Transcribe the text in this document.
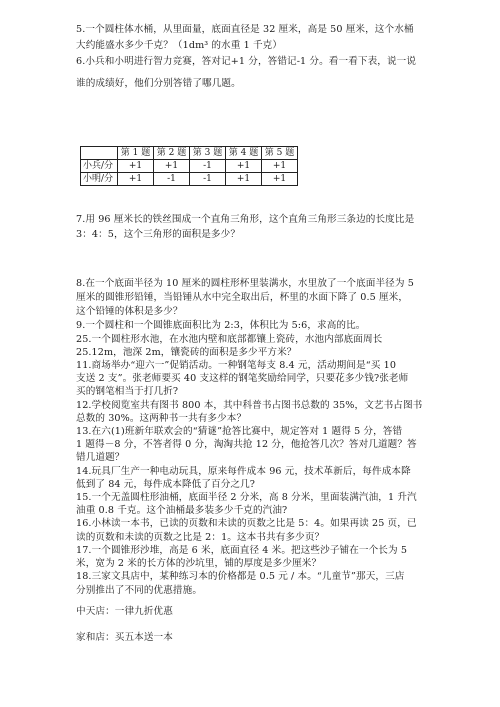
5.一个圆柱体水桶，从里面量，底面直径是 32 厘米，高是 50 厘米，这个水桶
大约能盛水多少千克？（1dm³ 的水重 1 千克）
6.小兵和小明进行智力竞赛，答对记+1 分，答错记-1 分。看一看下表，说一说
谁的成绩好，他们分别答错了哪几题。
	第 1 题	第 2 题	第 3 题	第 4 题	第 5 题
小兵/分	+1	+1	-1	+1	+1
小明/分	+1	-1	-1	+1	+1
7.用 96 厘米长的铁丝围成一个直角三角形，这个直角三角形三条边的长度比是
3：4：5，这个三角形的面积是多少？
8.在一个底面半径为 10 厘米的圆柱形杯里装满水，水里放了一个底面半径为 5
厘米的圆锥形铅锤，当铅锤从水中完全取出后，杯里的水面下降了 0.5 厘米，
这个铅锤的体积是多少？
9.一个圆柱和一个圆锥底面积比为 2:3，体积比为 5:6，求高的比。
25.一个圆柱形水池，在水池内壁和底部都镶上瓷砖，水池内部底面周长
25.12m，池深 2m，镶瓷砖的面积是多少平方米？
11.商场举办“迎六一”促销活动。一种钢笔每支 8.4 元，活动期间是“买 10
支送 2 支”。张老师要买 40 支这样的钢笔奖励给同学，只要花多少钱?张老师
买的钢笔相当于打几折?
12.学校阅览室共有图书 800 本，其中科普书占图书总数的 35%，文艺书占图书
总数的 30%。这两种书一共有多少本？
13.在六(1)班新年联欢会的“猜谜”抢答比赛中，规定答对 1 题得 5 分，答错
1 题得－8 分，不答者得 0 分，淘淘共抢 12 分，他抢答几次？答对几道题？答
错几道题？
14.玩具厂生产一种电动玩具，原来每件成本 96 元，技术革新后，每件成本降
低到了 84 元，每件成本降低了百分之几?
15.一个无盖圆柱形油桶，底面半径 2 分米，高 8 分米，里面装满汽油，1 升汽
油重 0.8 千克。这个油桶最多装多少千克的汽油?
16.小林读一本书，已读的页数和未读的页数之比是 5：4。如果再读 25 页，已
读的页数和未读的页数之比是 2：1。这本书共有多少页？
17.一个圆锥形沙堆，高是 6 米，底面直径 4 米。把这些沙子铺在一个长为 5
米，宽为 2 米的长方体的沙坑里，铺的厚度是多少厘米？
18.三家文具店中，某种练习本的价格都是 0.5 元 / 本。“儿童节”那天，三店
分别推出了不同的优惠措施。
中天店：一律九折优惠
家和店：买五本送一本
